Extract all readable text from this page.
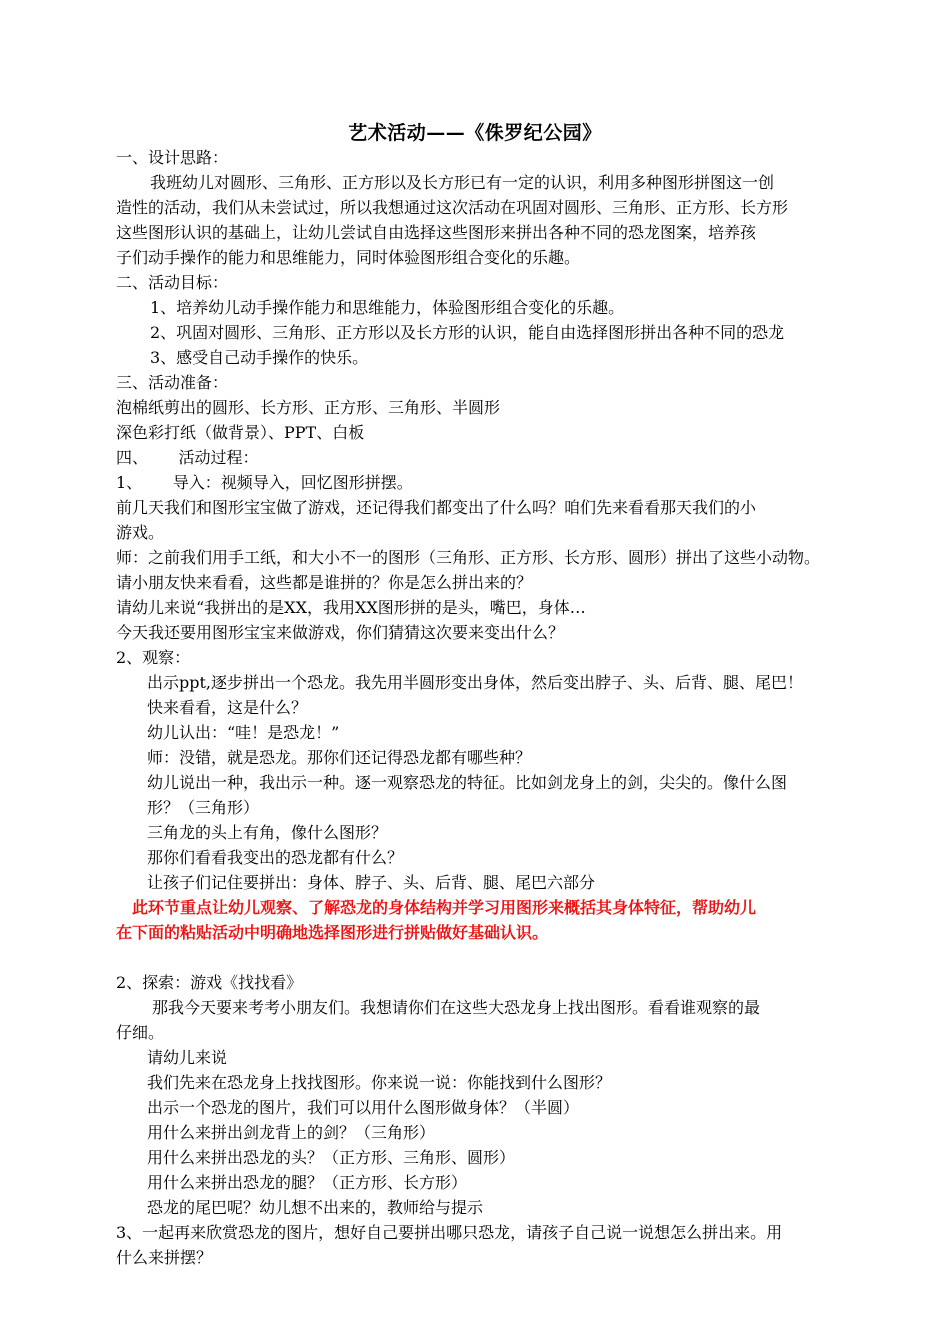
艺术活动——《侏罗纪公园》
一、设计思路：
我班幼儿对圆形、三角形、正方形以及长方形已有一定的认识，利用多种图形拼图这一创
造性的活动，我们从未尝试过，所以我想通过这次活动在巩固对圆形、三角形、正方形、长方形
这些图形认识的基础上，让幼儿尝试自由选择这些图形来拼出各种不同的恐龙图案，培养孩
子们动手操作的能力和思维能力，同时体验图形组合变化的乐趣。
二、活动目标：
1、培养幼儿动手操作能力和思维能力，体验图形组合变化的乐趣。
2、巩固对圆形、三角形、正方形以及长方形的认识，能自由选择图形拼出各种不同的恐龙
3、感受自己动手操作的快乐。
三、活动准备：
泡棉纸剪出的圆形、长方形、正方形、三角形、半圆形
深色彩打纸（做背景）、PPT、白板
四、      活动过程：
1、      导入：视频导入，回忆图形拼摆。
前几天我们和图形宝宝做了游戏，还记得我们都变出了什么吗？咱们先来看看那天我们的小
游戏。
师：之前我们用手工纸，和大小不一的图形（三角形、正方形、长方形、圆形）拼出了这些小动物。
请小朋友快来看看，这些都是谁拼的？你是怎么拼出来的？
请幼儿来说“我拼出的是XX，我用XX图形拼的是头，嘴巴，身体…
今天我还要用图形宝宝来做游戏，你们猜猜这次要来变出什么？
2、观察：
出示ppt,逐步拼出一个恐龙。我先用半圆形变出身体，然后变出脖子、头、后背、腿、尾巴！
快来看看，这是什么？
幼儿认出：“哇！是恐龙！”
师：没错，就是恐龙。那你们还记得恐龙都有哪些种？
幼儿说出一种，我出示一种。逐一观察恐龙的特征。比如剑龙身上的剑，尖尖的。像什么图
形？（三角形）
三角龙的头上有角，像什么图形？
那你们看看我变出的恐龙都有什么？
让孩子们记住要拼出：身体、脖子、头、后背、腿、尾巴六部分
此环节重点让幼儿观察、了解恐龙的身体结构并学习用图形来概括其身体特征，帮助幼儿
在下面的粘贴活动中明确地选择图形进行拼贴做好基础认识。
2、探索：游戏《找找看》
那我今天要来考考小朋友们。我想请你们在这些大恐龙身上找出图形。看看谁观察的最
仔细。
请幼儿来说
我们先来在恐龙身上找找图形。你来说一说：你能找到什么图形？
出示一个恐龙的图片，我们可以用什么图形做身体？（半圆）
用什么来拼出剑龙背上的剑？（三角形）
用什么来拼出恐龙的头？（正方形、三角形、圆形）
用什么来拼出恐龙的腿？（正方形、长方形）
恐龙的尾巴呢？幼儿想不出来的，教师给与提示
3、一起再来欣赏恐龙的图片，想好自己要拼出哪只恐龙，请孩子自己说一说想怎么拼出来。用
什么来拼摆？
